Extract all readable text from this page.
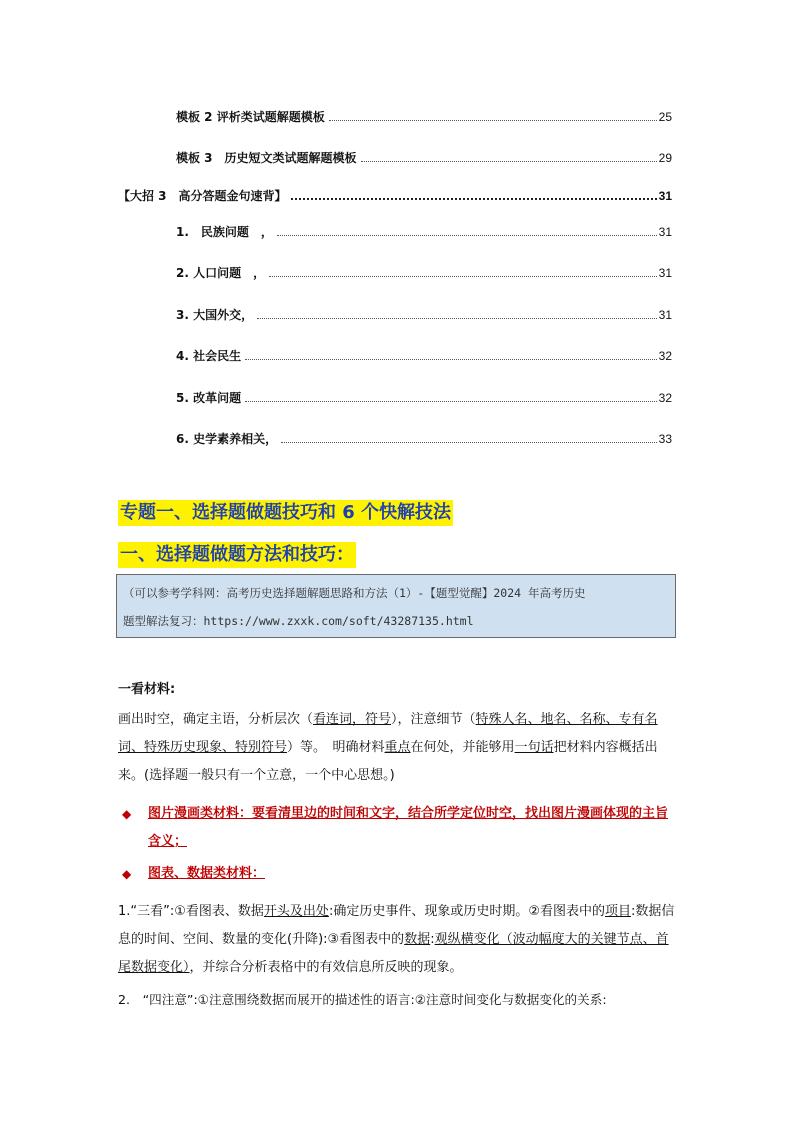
模板 2 评析类试题解题模板	25
模板 3　历史短文类试题解题模板	29
【大招 3　高分答题金句速背】	31
1.　民族问题　，	31
2. 人口问题　，	31
3. 大国外交，	31
4. 社会民生	32
5. 改革问题	32
6. 史学素养相关，	33
专题一、选择题做题技巧和 6 个快解技法
一、选择题做题方法和技巧：
（可以参考学科网：高考历史选择题解题思路和方法（1）-【题型觉醒】2024 年高考历史
题型解法复习：https://www.zxxk.com/soft/43287135.html
一看材料:
画出时空，确定主语，分析层次（看连词，符号），注意细节（特殊人名、地名、名称、专有名词、特殊历史现象、特别符号）等。　明确材料重点在何处，并能够用一句话把材料内容概括出来。(选择题一般只有一个立意，一个中心思想。)
◆	图片漫画类材料：要看清里边的时间和文字，结合所学定位时空，找出图片漫画体现的主旨含义；
◆	图表、数据类材料：
1.“三看”:①看图表、数据开头及出处:确定历史事件、现象或历史时期。②看图表中的项目:数据信息的时间、空间、数量的变化(升降):③看图表中的数据:观纵横变化（波动幅度大的关键节点、首尾数据变化），并综合分析表格中的有效信息所反映的现象。
2.　“四注意”:①注意围绕数据而展开的描述性的语言:②注意时间变化与数据变化的关系:
